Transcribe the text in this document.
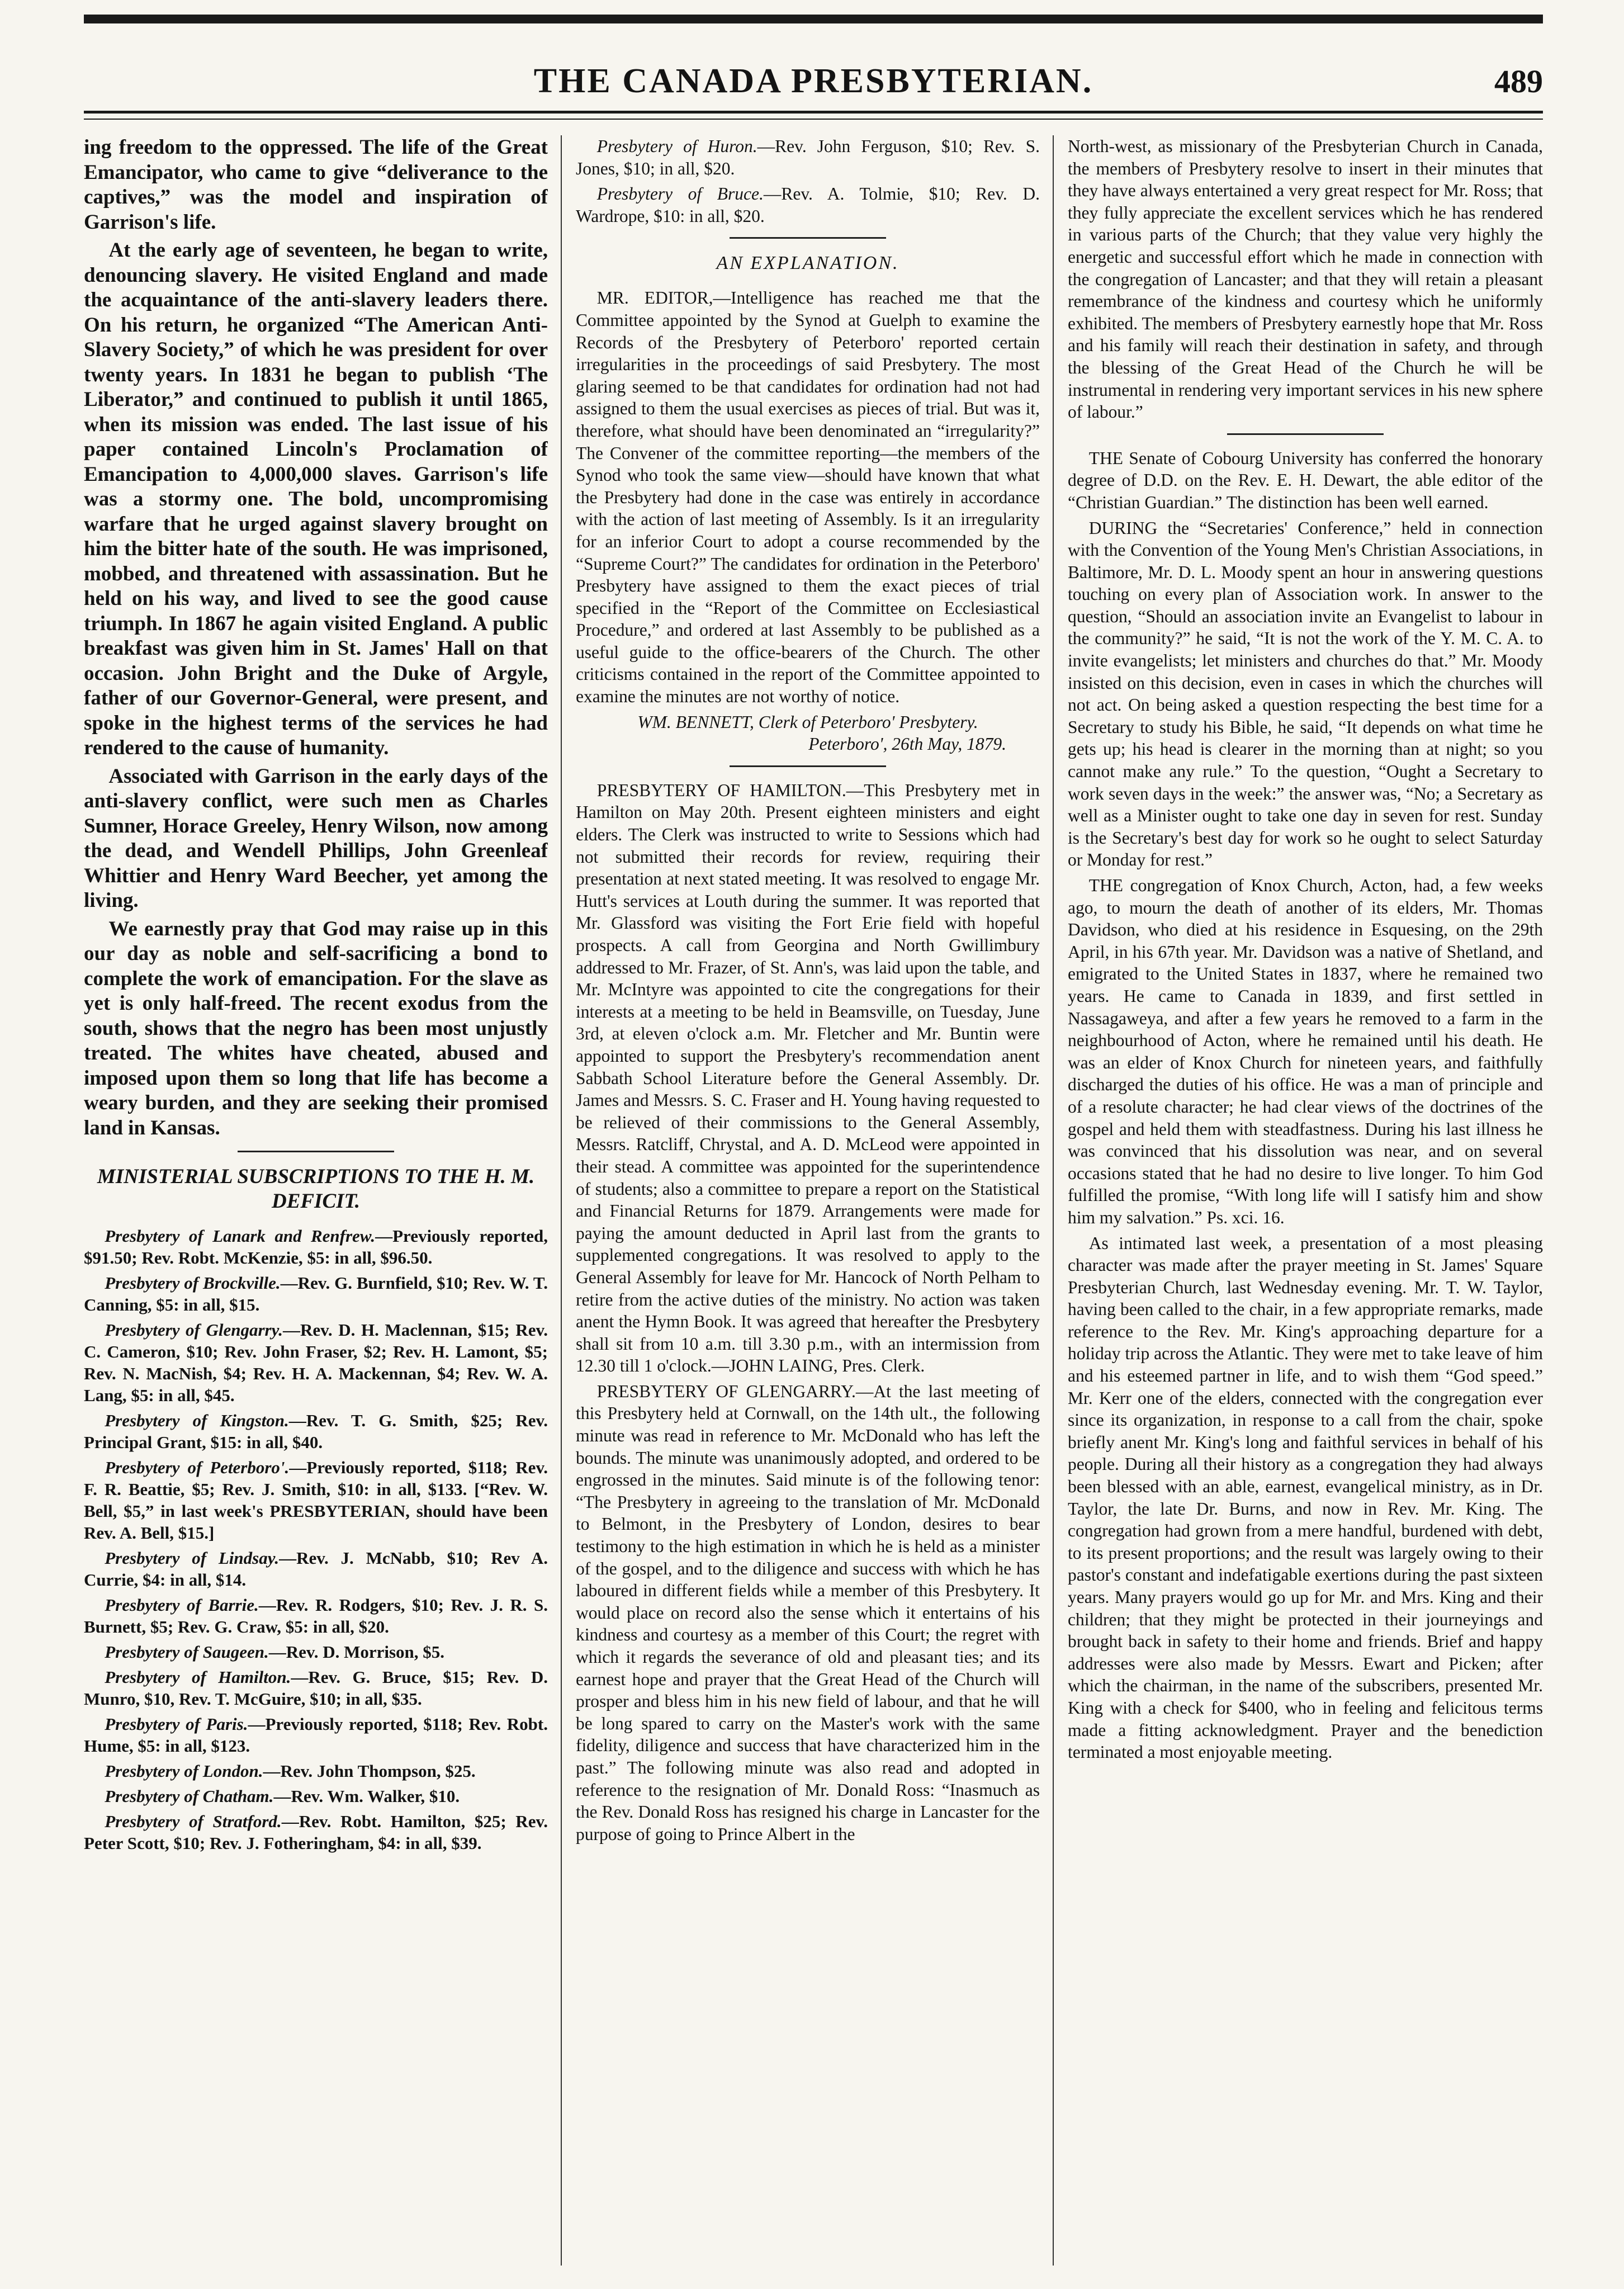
THE CANADA PRESBYTERIAN.	489

ing freedom to the oppressed. The life of the Great Emancipator, who came to give “deliverance to the captives,” was the model and inspiration of Garrison's life.

At the early age of seventeen, he began to write, denouncing slavery. He visited England and made the acquaintance of the anti-slavery leaders there. On his return, he organized “The American Anti-Slavery Society,” of which he was president for over twenty years. In 1831 he began to publish ‘The Liberator,” and continued to publish it until 1865, when its mission was ended. The last issue of his paper contained Lincoln's Proclamation of Emancipation to 4,000,000 slaves. Garrison's life was a stormy one. The bold, uncompromising warfare that he urged against slavery brought on him the bitter hate of the south. He was imprisoned, mobbed, and threatened with assassination. But he held on his way, and lived to see the good cause triumph. In 1867 he again visited England. A public breakfast was given him in St. James' Hall on that occasion. John Bright and the Duke of Argyle, father of our Governor-General, were present, and spoke in the highest terms of the services he had rendered to the cause of humanity.

Associated with Garrison in the early days of the anti-slavery conflict, were such men as Charles Sumner, Horace Greeley, Henry Wilson, now among the dead, and Wendell Phillips, John Greenleaf Whittier and Henry Ward Beecher, yet among the living.

We earnestly pray that God may raise up in this our day as noble and self-sacrificing a bond to complete the work of emancipation. For the slave as yet is only half-freed. The recent exodus from the south, shows that the negro has been most unjustly treated. The whites have cheated, abused and imposed upon them so long that life has become a weary burden, and they are seeking their promised land in Kansas.

MINISTERIAL SUBSCRIPTIONS TO THE H. M. DEFICIT.

Presbytery of Lanark and Renfrew.—Previously reported, $91.50; Rev. Robt. McKenzie, $5: in all, $96.50.

Presbytery of Brockville.—Rev. G. Burnfield, $10; Rev. W. T. Canning, $5: in all, $15.

Presbytery of Glengarry.—Rev. D. H. Maclennan, $15; Rev. C. Cameron, $10; Rev. John Fraser, $2; Rev. H. Lamont, $5; Rev. N. MacNish, $4; Rev. H. A. Mackennan, $4; Rev. W. A. Lang, $5: in all, $45.

Presbytery of Kingston.—Rev. T. G. Smith, $25; Rev. Principal Grant, $15: in all, $40.

Presbytery of Peterboro'.—Previously reported, $118; Rev. F. R. Beattie, $5; Rev. J. Smith, $10: in all, $133. [“Rev. W. Bell, $5,” in last week's PRESBYTERIAN, should have been Rev. A. Bell, $15.]

Presbytery of Lindsay.—Rev. J. McNabb, $10; Rev A. Currie, $4: in all, $14.

Presbytery of Barrie.—Rev. R. Rodgers, $10; Rev. J. R. S. Burnett, $5; Rev. G. Craw, $5: in all, $20.

Presbytery of Saugeen.—Rev. D. Morrison, $5.

Presbytery of Hamilton.—Rev. G. Bruce, $15; Rev. D. Munro, $10, Rev. T. McGuire, $10; in all, $35.

Presbytery of Paris.—Previously reported, $118; Rev. Robt. Hume, $5: in all, $123.

Presbytery of London.—Rev. John Thompson, $25.

Presbytery of Chatham.—Rev. Wm. Walker, $10.

Presbytery of Stratford.—Rev. Robt. Hamilton, $25; Rev. Peter Scott, $10; Rev. J. Fotheringham, $4: in all, $39.

Presbytery of Huron.—Rev. John Ferguson, $10; Rev. S. Jones, $10; in all, $20.

Presbytery of Bruce.—Rev. A. Tolmie, $10; Rev. D. Wardrope, $10: in all, $20.

AN EXPLANATION.

MR. EDITOR,—Intelligence has reached me that the Committee appointed by the Synod at Guelph to examine the Records of the Presbytery of Peterboro' reported certain irregularities in the proceedings of said Presbytery. The most glaring seemed to be that candidates for ordination had not had assigned to them the usual exercises as pieces of trial. But was it, therefore, what should have been denominated an “irregularity?” The Convener of the committee reporting—the members of the Synod who took the same view—should have known that what the Presbytery had done in the case was entirely in accordance with the action of last meeting of Assembly. Is it an irregularity for an inferior Court to adopt a course recommended by the “Supreme Court?” The candidates for ordination in the Peterboro' Presbytery have assigned to them the exact pieces of trial specified in the “Report of the Committee on Ecclesiastical Procedure,” and ordered at last Assembly to be published as a useful guide to the office-bearers of the Church. The other criticisms contained in the report of the Committee appointed to examine the minutes are not worthy of notice.

WM. BENNETT, Clerk of Peterboro' Presbytery.

Peterboro', 26th May, 1879.

PRESBYTERY OF HAMILTON.—This Presbytery met in Hamilton on May 20th. Present eighteen ministers and eight elders. The Clerk was instructed to write to Sessions which had not submitted their records for review, requiring their presentation at next stated meeting. It was resolved to engage Mr. Hutt's services at Louth during the summer. It was reported that Mr. Glassford was visiting the Fort Erie field with hopeful prospects. A call from Georgina and North Gwillimbury addressed to Mr. Frazer, of St. Ann's, was laid upon the table, and Mr. McIntyre was appointed to cite the congregations for their interests at a meeting to be held in Beamsville, on Tuesday, June 3rd, at eleven o'clock a.m. Mr. Fletcher and Mr. Buntin were appointed to support the Presbytery's recommendation anent Sabbath School Literature before the General Assembly. Dr. James and Messrs. S. C. Fraser and H. Young having requested to be relieved of their commissions to the General Assembly, Messrs. Ratcliff, Chrystal, and A. D. McLeod were appointed in their stead. A committee was appointed for the superintendence of students; also a committee to prepare a report on the Statistical and Financial Returns for 1879. Arrangements were made for paying the amount deducted in April last from the grants to supplemented congregations. It was resolved to apply to the General Assembly for leave for Mr. Hancock of North Pelham to retire from the active duties of the ministry. No action was taken anent the Hymn Book. It was agreed that hereafter the Presbytery shall sit from 10 a.m. till 3.30 p.m., with an intermission from 12.30 till 1 o'clock.—JOHN LAING, Pres. Clerk.

PRESBYTERY OF GLENGARRY.—At the last meeting of this Presbytery held at Cornwall, on the 14th ult., the following minute was read in reference to Mr. McDonald who has left the bounds. The minute was unanimously adopted, and ordered to be engrossed in the minutes. Said minute is of the following tenor: “The Presbytery in agreeing to the translation of Mr. McDonald to Belmont, in the Presbytery of London, desires to bear testimony to the high estimation in which he is held as a minister of the gospel, and to the diligence and success with which he has laboured in different fields while a member of this Presbytery. It would place on record also the sense which it entertains of his kindness and courtesy as a member of this Court; the regret with which it regards the severance of old and pleasant ties; and its earnest hope and prayer that the Great Head of the Church will prosper and bless him in his new field of labour, and that he will be long spared to carry on the Master's work with the same fidelity, diligence and success that have characterized him in the past.” The following minute was also read and adopted in reference to the resignation of Mr. Donald Ross: “Inasmuch as the Rev. Donald Ross has resigned his charge in Lancaster for the purpose of going to Prince Albert in the

North-west, as missionary of the Presbyterian Church in Canada, the members of Presbytery resolve to insert in their minutes that they have always entertained a very great respect for Mr. Ross; that they fully appreciate the excellent services which he has rendered in various parts of the Church; that they value very highly the energetic and successful effort which he made in connection with the congregation of Lancaster; and that they will retain a pleasant remembrance of the kindness and courtesy which he uniformly exhibited. The members of Presbytery earnestly hope that Mr. Ross and his family will reach their destination in safety, and through the blessing of the Great Head of the Church he will be instrumental in rendering very important services in his new sphere of labour.”

THE Senate of Cobourg University has conferred the honorary degree of D.D. on the Rev. E. H. Dewart, the able editor of the “Christian Guardian.” The distinction has been well earned.

DURING the “Secretaries' Conference,” held in connection with the Convention of the Young Men's Christian Associations, in Baltimore, Mr. D. L. Moody spent an hour in answering questions touching on every plan of Association work. In answer to the question, “Should an association invite an Evangelist to labour in the community?” he said, “It is not the work of the Y. M. C. A. to invite evangelists; let ministers and churches do that.” Mr. Moody insisted on this decision, even in cases in which the churches will not act. On being asked a question respecting the best time for a Secretary to study his Bible, he said, “It depends on what time he gets up; his head is clearer in the morning than at night; so you cannot make any rule.” To the question, “Ought a Secretary to work seven days in the week:” the answer was, “No; a Secretary as well as a Minister ought to take one day in seven for rest. Sunday is the Secretary's best day for work so he ought to select Saturday or Monday for rest.”

THE congregation of Knox Church, Acton, had, a few weeks ago, to mourn the death of another of its elders, Mr. Thomas Davidson, who died at his residence in Esquesing, on the 29th April, in his 67th year. Mr. Davidson was a native of Shetland, and emigrated to the United States in 1837, where he remained two years. He came to Canada in 1839, and first settled in Nassagaweya, and after a few years he removed to a farm in the neighbourhood of Acton, where he remained until his death. He was an elder of Knox Church for nineteen years, and faithfully discharged the duties of his office. He was a man of principle and of a resolute character; he had clear views of the doctrines of the gospel and held them with steadfastness. During his last illness he was convinced that his dissolution was near, and on several occasions stated that he had no desire to live longer. To him God fulfilled the promise, “With long life will I satisfy him and show him my salvation.” Ps. xci. 16.

As intimated last week, a presentation of a most pleasing character was made after the prayer meeting in St. James' Square Presbyterian Church, last Wednesday evening. Mr. T. W. Taylor, having been called to the chair, in a few appropriate remarks, made reference to the Rev. Mr. King's approaching departure for a holiday trip across the Atlantic. They were met to take leave of him and his esteemed partner in life, and to wish them “God speed.” Mr. Kerr one of the elders, connected with the congregation ever since its organization, in response to a call from the chair, spoke briefly anent Mr. King's long and faithful services in behalf of his people. During all their history as a congregation they had always been blessed with an able, earnest, evangelical ministry, as in Dr. Taylor, the late Dr. Burns, and now in Rev. Mr. King. The congregation had grown from a mere handful, burdened with debt, to its present proportions; and the result was largely owing to their pastor's constant and indefatigable exertions during the past sixteen years. Many prayers would go up for Mr. and Mrs. King and their children; that they might be protected in their journeyings and brought back in safety to their home and friends. Brief and happy addresses were also made by Messrs. Ewart and Picken; after which the chairman, in the name of the subscribers, presented Mr. King with a check for $400, who in feeling and felicitous terms made a fitting acknowledgment. Prayer and the benediction terminated a most enjoyable meeting.
